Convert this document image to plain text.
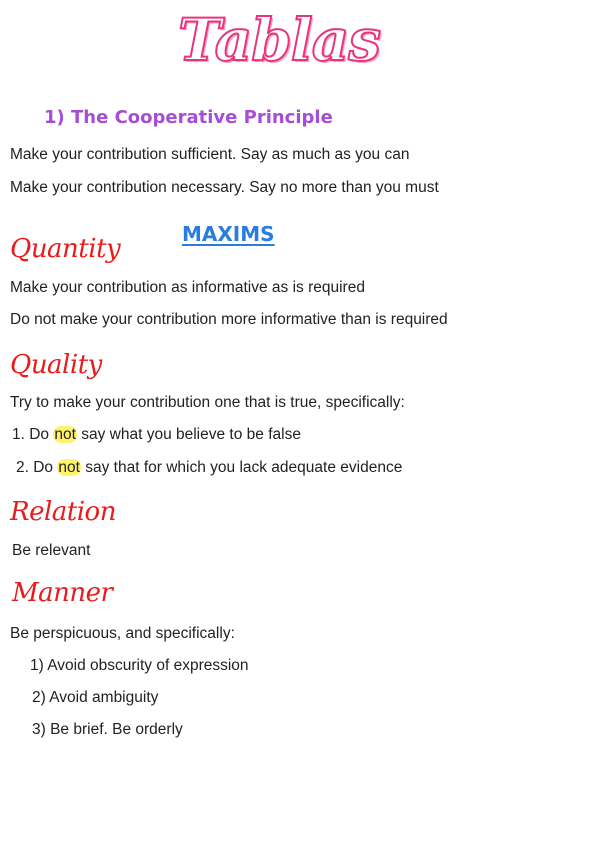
Tablas
1) The Cooperative Principle
Make your contribution sufficient. Say as much as you can
Make your contribution necessary. Say no more than you must
MAXIMS
Quantity
Make your contribution as informative as is required
Do not make your contribution more informative than is required
Quality
Try to make your contribution one that is true, specifically:
1. Do not say what you believe to be false
2. Do not say that for which you lack adequate evidence
Relation
Be relevant
Manner
Be perspicuous, and specifically:
1) Avoid obscurity of expression
2) Avoid ambiguity
3) Be brief. Be orderly
